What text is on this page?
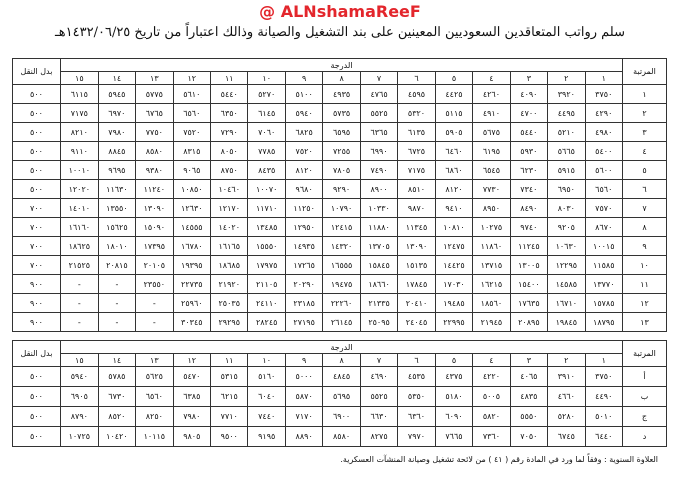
@ ALNshamaReeF
سلم رواتب المتعاقدين السعوديين المعينين على بند التشغيل والصيانة وذالك اعتباراً من تاريخ ١٤٣٢/٠٦/٢٥هـ
المرتبة	الدرجة															بدل النقل
	١	٢	٣	٤	٥	٦	٧	٨	٩	١٠	١١	١٢	١٣	١٤	١٥	
١	٣٧٥٠	٣٩٢٠	٤٠٩٠	٤٢٦٠	٤٤٢٥	٤٥٩٥	٤٧٦٥	٤٩٣٥	٥١٠٠	٥٢٧٠	٥٤٤٠	٥٦١٠	٥٧٧٥	٥٩٤٥	٦١١٥	٥٠٠
٢	٤٢٩٠	٤٤٩٥	٤٧٠٠	٤٩١٠	٥١١٥	٥٣٢٠	٥٥٢٥	٥٧٣٥	٥٩٤٠	٦١٤٥	٦٣٥٠	٦٥٦٠	٦٧٦٥	٦٩٧٠	٧١٧٥	٥٠٠
٣	٤٩٨٠	٥٢١٠	٥٤٤٠	٥٦٧٥	٥٩٠٥	٦١٣٥	٦٣٦٥	٦٥٩٥	٦٨٢٥	٧٠٦٠	٧٢٩٠	٧٥٢٠	٧٧٥٠	٧٩٨٠	٨٢١٠	٥٠٠
٤	٥٤٠٠	٥٦٦٥	٥٩٣٠	٦١٩٥	٦٤٦٠	٦٧٢٥	٦٩٩٠	٧٢٥٥	٧٥٢٠	٧٧٨٥	٨٠٥٠	٨٣١٥	٨٥٨٠	٨٨٤٥	٩١١٠	٥٠٠
٥	٥٦٠٠	٥٩١٥	٦٢٣٠	٦٥٤٥	٦٨٦٠	٧١٧٥	٧٤٩٠	٧٨٠٥	٨١٢٠	٨٤٣٥	٨٧٥٠	٩٠٦٥	٩٣٨٠	٩٦٩٥	١٠٠١٠	٥٠٠
٦	٦٥٦٠	٦٩٥٠	٧٣٤٠	٧٧٣٠	٨١٢٠	٨٥١٠	٨٩٠٠	٩٢٩٠	٩٦٨٠	١٠٠٧٠	١٠٤٦٠	١٠٨٥٠	١١٢٤٠	١١٦٣٠	١٢٠٢٠	٥٠٠
٧	٧٥٧٠	٨٠٣٠	٨٤٩٠	٨٩٥٠	٩٤١٠	٩٨٧٠	١٠٣٣٠	١٠٧٩٠	١١٢٥٠	١١٧١٠	١٢١٧٠	١٢٦٣٠	١٣٠٩٠	١٣٥٥٠	١٤٠١٠	٧٠٠
٨	٨٦٧٠	٩٢٠٥	٩٧٤٠	١٠٢٧٥	١٠٨١٠	١١٣٤٥	١١٨٨٠	١٢٤١٥	١٢٩٥٠	١٣٤٨٥	١٤٠٢٠	١٤٥٥٥	١٥٠٩٠	١٥٦٢٥	١٦١٦٠	٧٠٠
٩	١٠٠١٥	١٠٦٣٠	١١٢٤٥	١١٨٦٠	١٢٤٧٥	١٣٠٩٠	١٣٧٠٥	١٤٣٢٠	١٤٩٣٥	١٥٥٥٠	١٦١٦٥	١٦٧٨٠	١٧٣٩٥	١٨٠١٠	١٨٦٢٥	٧٠٠
١٠	١١٥٨٥	١٢٢٩٥	١٣٠٠٥	١٣٧١٥	١٤٤٢٥	١٥١٣٥	١٥٨٤٥	١٦٥٥٥	١٧٢٦٥	١٧٩٧٥	١٨٦٨٥	١٩٣٩٥	٢٠١٠٥	٢٠٨١٥	٢١٥٢٥	٧٠٠
١١	١٣٧٧٠	١٤٥٨٥	١٥٤٠٠	١٦٢١٥	١٧٠٣٠	١٧٨٤٥	١٨٦٦٠	١٩٤٧٥	٢٠٢٩٠	٢١١٠٥	٢١٩٢٠	٢٢٧٣٥	٢٣٥٥٠	-	-	٩٠٠
١٢	١٥٧٨٥	١٦٧١٠	١٧٦٣٥	١٨٥٦٠	١٩٤٨٥	٢٠٤١٠	٢١٣٣٥	٢٢٢٦٠	٢٣١٨٥	٢٤١١٠	٢٥٠٣٥	٢٥٩٦٠	-	-	-	٩٠٠
١٣	١٨٧٩٥	١٩٨٤٥	٢٠٨٩٥	٢١٩٤٥	٢٢٩٩٥	٢٤٠٤٥	٢٥٠٩٥	٢٦١٤٥	٢٧١٩٥	٢٨٢٤٥	٢٩٢٩٥	٣٠٣٤٥	-	-	-	٩٠٠
المرتبة	الدرجة															بدل النقل
	١	٢	٣	٤	٥	٦	٧	٨	٩	١٠	١١	١٢	١٣	١٤	١٥	
أ	٣٧٥٠	٣٩١٠	٤٠٦٥	٤٢٢٠	٤٣٧٥	٤٥٣٥	٤٦٩٠	٤٨٤٥	٥٠٠٠	٥١٦٠	٥٣١٥	٥٤٧٠	٥٦٢٥	٥٧٨٥	٥٩٤٠	٥٠٠
ب	٤٤٩٠	٤٦٦٠	٤٨٣٥	٥٠٠٥	٥١٨٠	٥٣٥٠	٥٥٢٥	٥٦٩٥	٥٨٧٠	٦٠٤٠	٦٢١٥	٦٣٨٥	٦٥٦٠	٦٧٣٠	٦٩٠٥	٥٠٠
ج	٥٠١٠	٥٢٨٠	٥٥٥٠	٥٨٢٠	٦٠٩٠	٦٣٦٠	٦٦٣٠	٦٩٠٠	٧١٧٠	٧٤٤٠	٧٧١٠	٧٩٨٠	٨٢٥٠	٨٥٢٠	٨٧٩٠	٥٠٠
د	٦٤٤٠	٦٧٤٥	٧٠٥٠	٧٣٦٠	٧٦٦٥	٧٩٧٠	٨٢٧٥	٨٥٨٠	٨٨٩٠	٩١٩٥	٩٥٠٠	٩٨٠٥	١٠١١٥	١٠٤٢٠	١٠٧٢٥	٥٠٠
العلاوة السنوية : وفقاً لما ورد في المادة رقم ( ٤١ ) من لائحة تشغيل وصيانة المنشآت العسكرية.
